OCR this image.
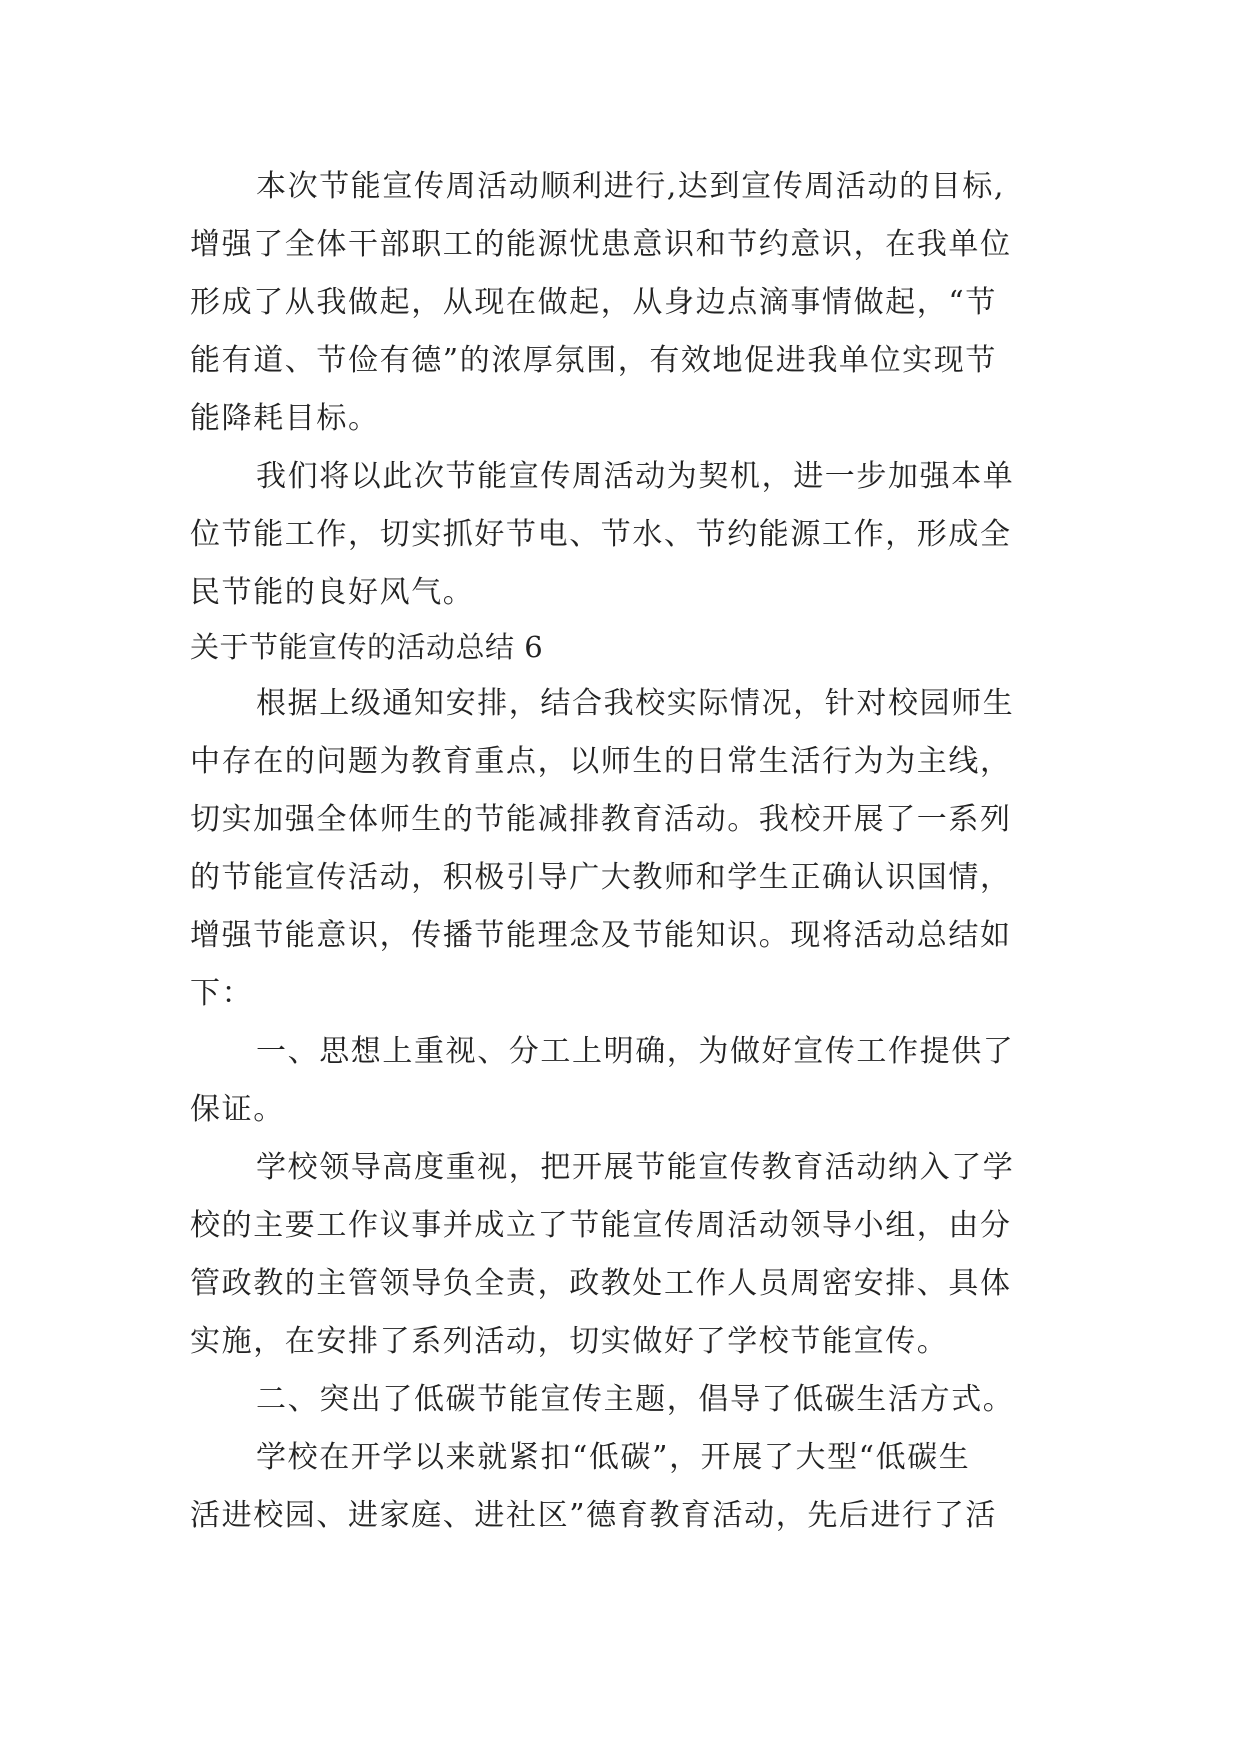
本次节能宣传周活动顺利进行,达到宣传周活动的目标,
增强了全体干部职工的能源忧患意识和节约意识，在我单位
形成了从我做起，从现在做起，从身边点滴事情做起，“节
能有道、节俭有德”的浓厚氛围，有效地促进我单位实现节
能降耗目标。
我们将以此次节能宣传周活动为契机，进一步加强本单
位节能工作，切实抓好节电、节水、节约能源工作，形成全
民节能的良好风气。
关于节能宣传的活动总结 6
根据上级通知安排，结合我校实际情况，针对校园师生
中存在的问题为教育重点，以师生的日常生活行为为主线，
切实加强全体师生的节能减排教育活动。我校开展了一系列
的节能宣传活动，积极引导广大教师和学生正确认识国情，
增强节能意识，传播节能理念及节能知识。现将活动总结如
下：
一、思想上重视、分工上明确，为做好宣传工作提供了
保证。
学校领导高度重视，把开展节能宣传教育活动纳入了学
校的主要工作议事并成立了节能宣传周活动领导小组，由分
管政教的主管领导负全责，政教处工作人员周密安排、具体
实施，在安排了系列活动，切实做好了学校节能宣传。
二、突出了低碳节能宣传主题，倡导了低碳生活方式。
学校在开学以来就紧扣“低碳”，开展了大型“低碳生
活进校园、进家庭、进社区”德育教育活动，先后进行了活
